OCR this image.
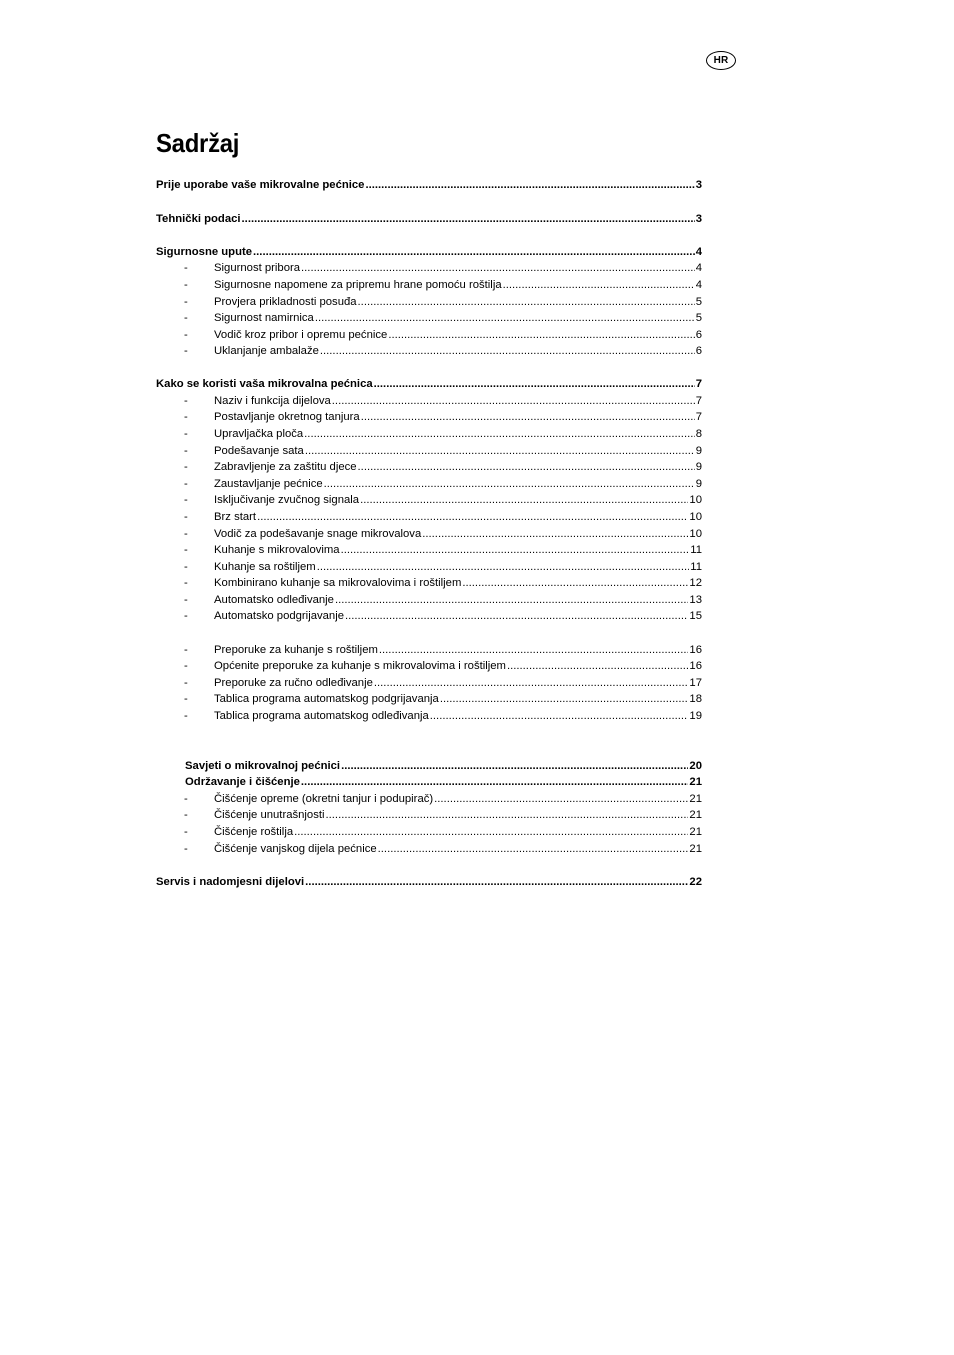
HR
Sadržaj
Prije uporabe vaše mikrovalne pećnice .....	3
Tehnički podaci .....	3
Sigurnosne upute .....	4
-	Sigurnost pribora .....	4
-	Sigurnosne napomene za pripremu hrane pomoću roštilja .....	4
-	Provjera prikladnosti posuđa .....	5
-	Sigurnost namirnica .....	5
-	Vodič kroz pribor i opremu pećnice .....	6
-	Uklanjanje ambalaže .....	6
Kako se koristi vaša mikrovalna pećnica .....	7
-	Naziv i funkcija dijelova .....	7
-	Postavljanje okretnog tanjura .....	7
-	Upravljačka ploča .....	8
-	Podešavanje sata .....	9
-	Zabravljenje za zaštitu djece .....	9
-	Zaustavljanje pećnice .....	9
-	Isključivanje zvučnog signala .....	10
-	Brz start .....	10
-	Vodič za podešavanje snage mikrovalova .....	10
-	Kuhanje s mikrovalovima .....	11
-	Kuhanje sa roštiljem .....	11
-	Kombinirano kuhanje sa mikrovalovima i roštiljem .....	12
-	Automatsko odleđivanje .....	13
-	Automatsko podgrijavanje .....	15
-	Preporuke za kuhanje s roštiljem .....	16
-	Općenite preporuke za kuhanje s mikrovalovima i roštiljem .....	16
-	Preporuke za ručno odleđivanje .....	17
-	Tablica programa automatskog podgrijavanja .....	18
-	Tablica programa automatskog odleđivanja .....	19
Savjeti o mikrovalnoj pećnici .....	20
Održavanje i čišćenje .....	21
-	Čišćenje opreme (okretni tanjur i podupirač) .....	21
-	Čišćenje unutrašnjosti .....	21
-	Čišćenje roštilja .....	21
-	Čišćenje vanjskog dijela pećnice .....	21
Servis i nadomjesni dijelovi .....	22
